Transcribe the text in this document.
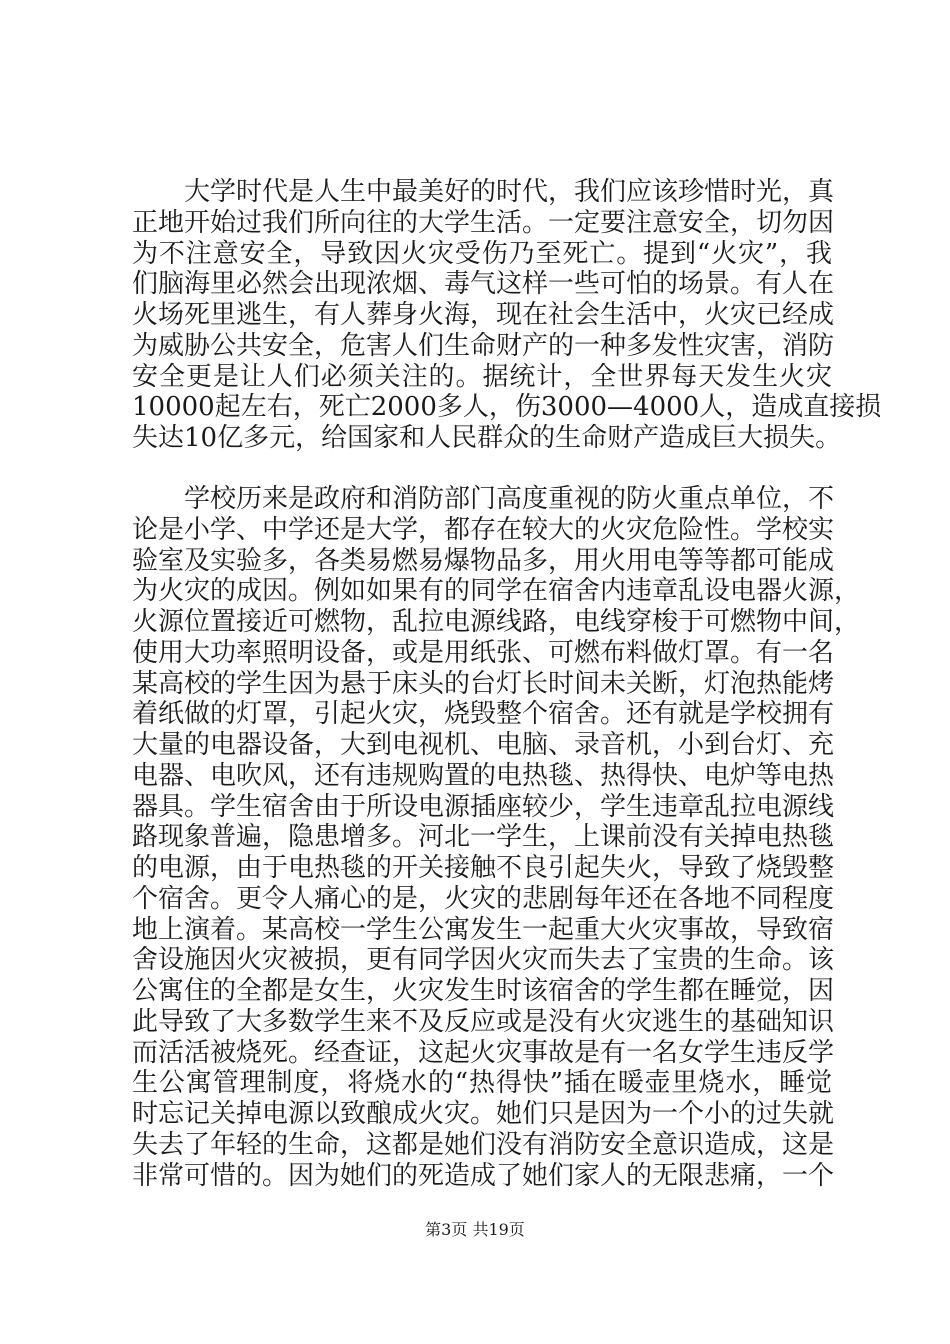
　　大学时代是人生中最美好的时代，我们应该珍惜时光，真
正地开始过我们所向往的大学生活。一定要注意安全，切勿因
为不注意安全，导致因火灾受伤乃至死亡。提到“火灾”，我
们脑海里必然会出现浓烟、毒气这样一些可怕的场景。有人在
火场死里逃生，有人葬身火海，现在社会生活中，火灾已经成
为威胁公共安全，危害人们生命财产的一种多发性灾害，消防
安全更是让人们必须关注的。据统计，全世界每天发生火灾
10000起左右，死亡2000多人，伤3000—4000人，造成直接损
失达10亿多元，给国家和人民群众的生命财产造成巨大损失。
　　学校历来是政府和消防部门高度重视的防火重点单位，不
论是小学、中学还是大学，都存在较大的火灾危险性。学校实
验室及实验多，各类易燃易爆物品多，用火用电等等都可能成
为火灾的成因。例如如果有的同学在宿舍内违章乱设电器火源，
火源位置接近可燃物，乱拉电源线路，电线穿梭于可燃物中间，
使用大功率照明设备，或是用纸张、可燃布料做灯罩。有一名
某高校的学生因为悬于床头的台灯长时间未关断，灯泡热能烤
着纸做的灯罩，引起火灾，烧毁整个宿舍。还有就是学校拥有
大量的电器设备，大到电视机、电脑、录音机，小到台灯、充
电器、电吹风，还有违规购置的电热毯、热得快、电炉等电热
器具。学生宿舍由于所设电源插座较少，学生违章乱拉电源线
路现象普遍，隐患增多。河北一学生，上课前没有关掉电热毯
的电源，由于电热毯的开关接触不良引起失火，导致了烧毁整
个宿舍。更令人痛心的是，火灾的悲剧每年还在各地不同程度
地上演着。某高校一学生公寓发生一起重大火灾事故，导致宿
舍设施因火灾被损，更有同学因火灾而失去了宝贵的生命。该
公寓住的全都是女生，火灾发生时该宿舍的学生都在睡觉，因
此导致了大多数学生来不及反应或是没有火灾逃生的基础知识
而活活被烧死。经查证，这起火灾事故是有一名女学生违反学
生公寓管理制度，将烧水的“热得快”插在暖壶里烧水，睡觉
时忘记关掉电源以致酿成火灾。她们只是因为一个小的过失就
失去了年轻的生命，这都是她们没有消防安全意识造成，这是
非常可惜的。因为她们的死造成了她们家人的无限悲痛，一个
第3页 共19页
